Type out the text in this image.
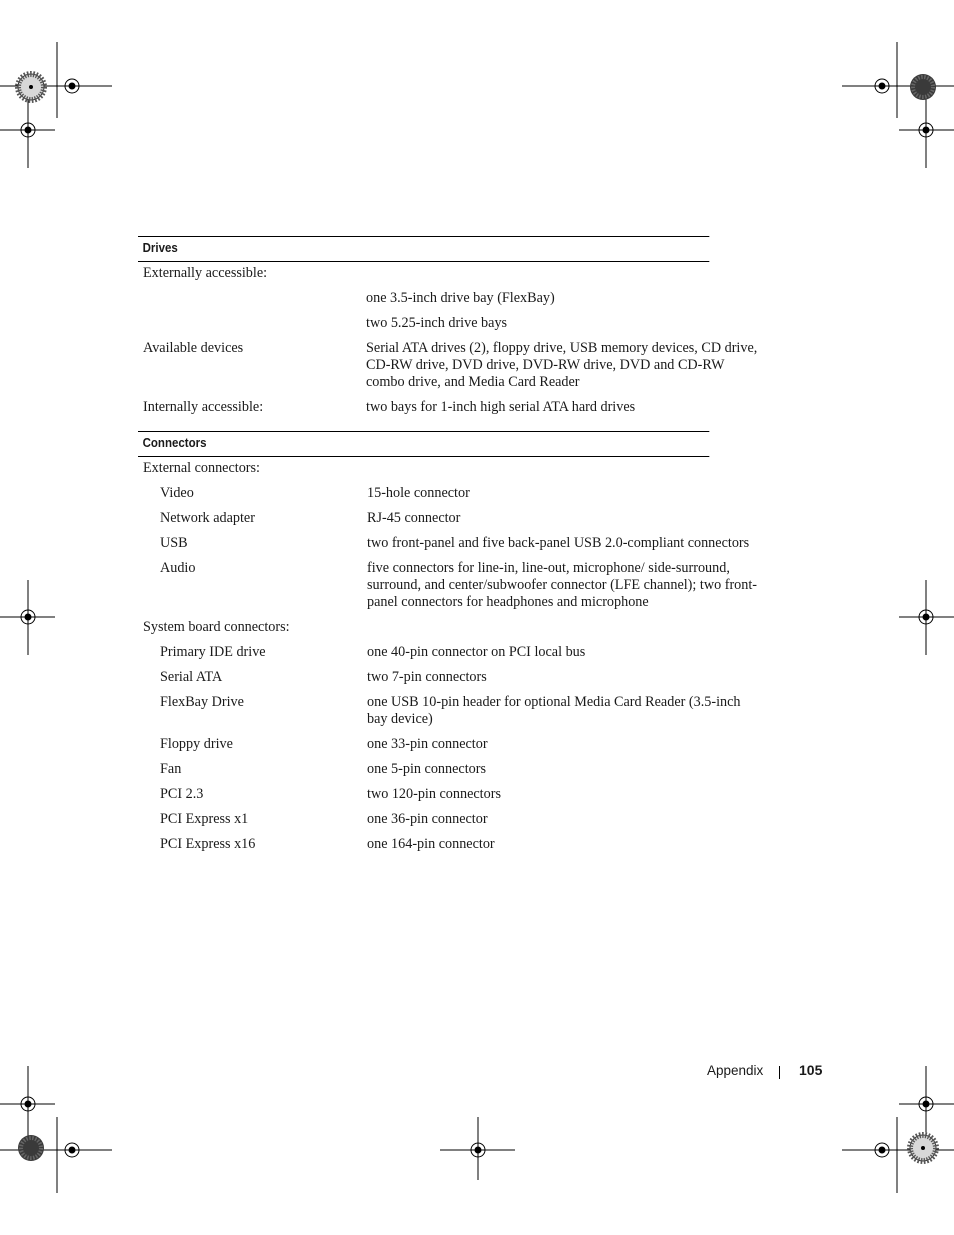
Drives
Externally accessible:
one 3.5-inch drive bay (FlexBay)
two 5.25-inch drive bays
Available devices	Serial ATA drives (2), floppy drive, USB memory devices, CD drive, CD-RW drive, DVD drive, DVD-RW drive, DVD and CD-RW combo drive, and Media Card Reader
Internally accessible:	two bays for 1-inch high serial ATA hard drives
Connectors
External connectors:
Video	15-hole connector
Network adapter	RJ-45 connector
USB	two front-panel and five back-panel USB 2.0-compliant connectors
Audio	five connectors for line-in, line-out, microphone/ side-surround, surround, and center/subwoofer connector (LFE channel); two front-panel connectors for headphones and microphone
System board connectors:
Primary IDE drive	one 40-pin connector on PCI local bus
Serial ATA	two 7-pin connectors
FlexBay Drive	one USB 10-pin header for optional Media Card Reader (3.5-inch bay device)
Floppy drive	one 33-pin connector
Fan	one 5-pin connectors
PCI 2.3	two 120-pin connectors
PCI Express x1	one 36-pin connector
PCI Express x16	one 164-pin connector
Appendix	105
